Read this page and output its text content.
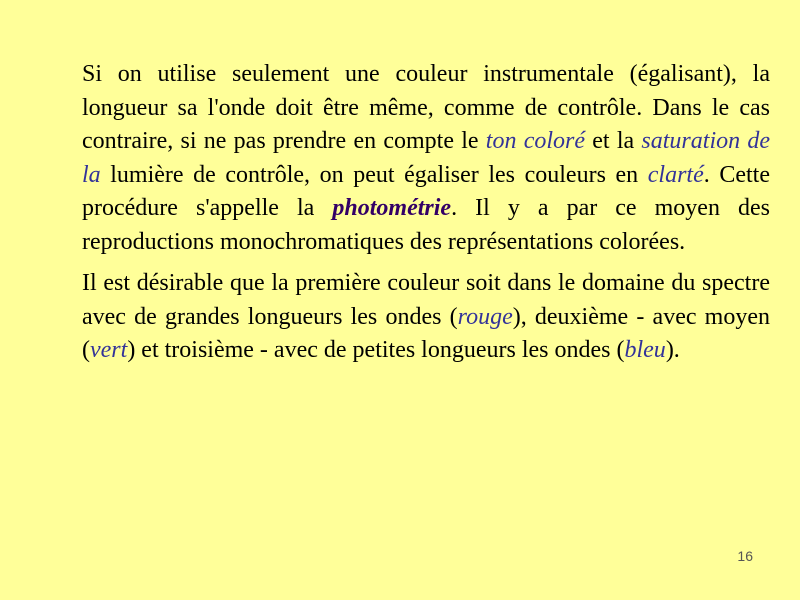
Si on utilise seulement une couleur instrumentale (égalisant), la longueur sa l'onde doit être même, comme de contrôle. Dans le cas contraire, si ne pas prendre en compte le ton coloré et la saturation de la lumière de contrôle, on peut égaliser les couleurs en clarté. Cette procédure s'appelle la photométrie. Il y a par ce moyen des reproductions monochromatiques des représentations colorées.

Il est désirable que la première couleur soit dans le domaine du spectre avec de grandes longueurs les ondes (rouge), deuxième - avec moyen (vert) et troisième - avec de petites longueurs les ondes (bleu).

16
